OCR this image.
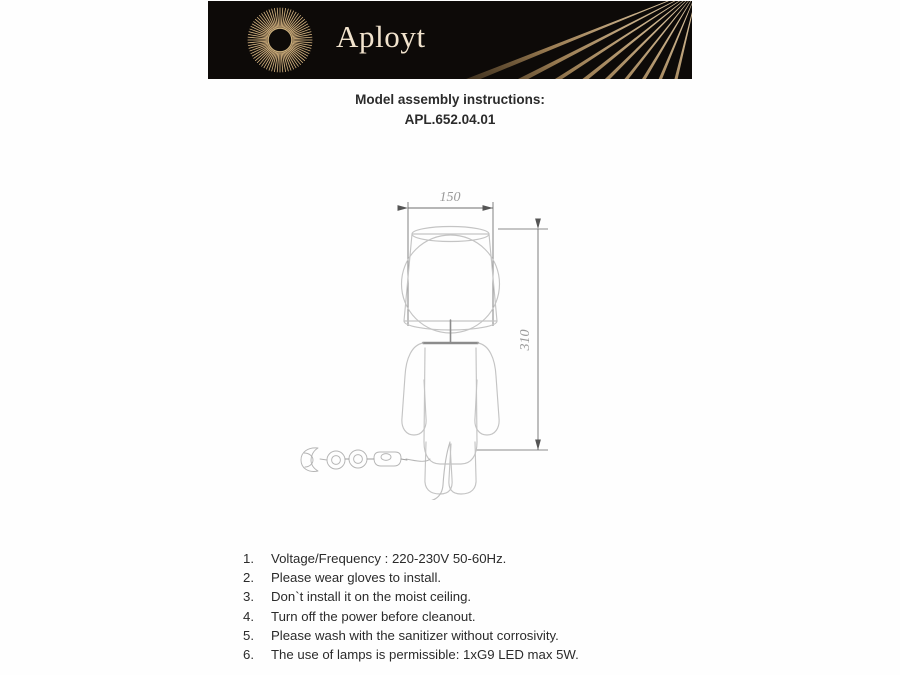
Aployt
Model assembly instructions:
APL.652.04.01
150
310
1.	Voltage/Frequency : 220-230V 50-60Hz.
2.	Please wear gloves to install.
3.	Don`t install it on the moist ceiling.
4.	Turn off the power before cleanout.
5.	Please wash with the sanitizer without corrosivity.
6.	The use of lamps is permissible: 1xG9 LED max 5W.
